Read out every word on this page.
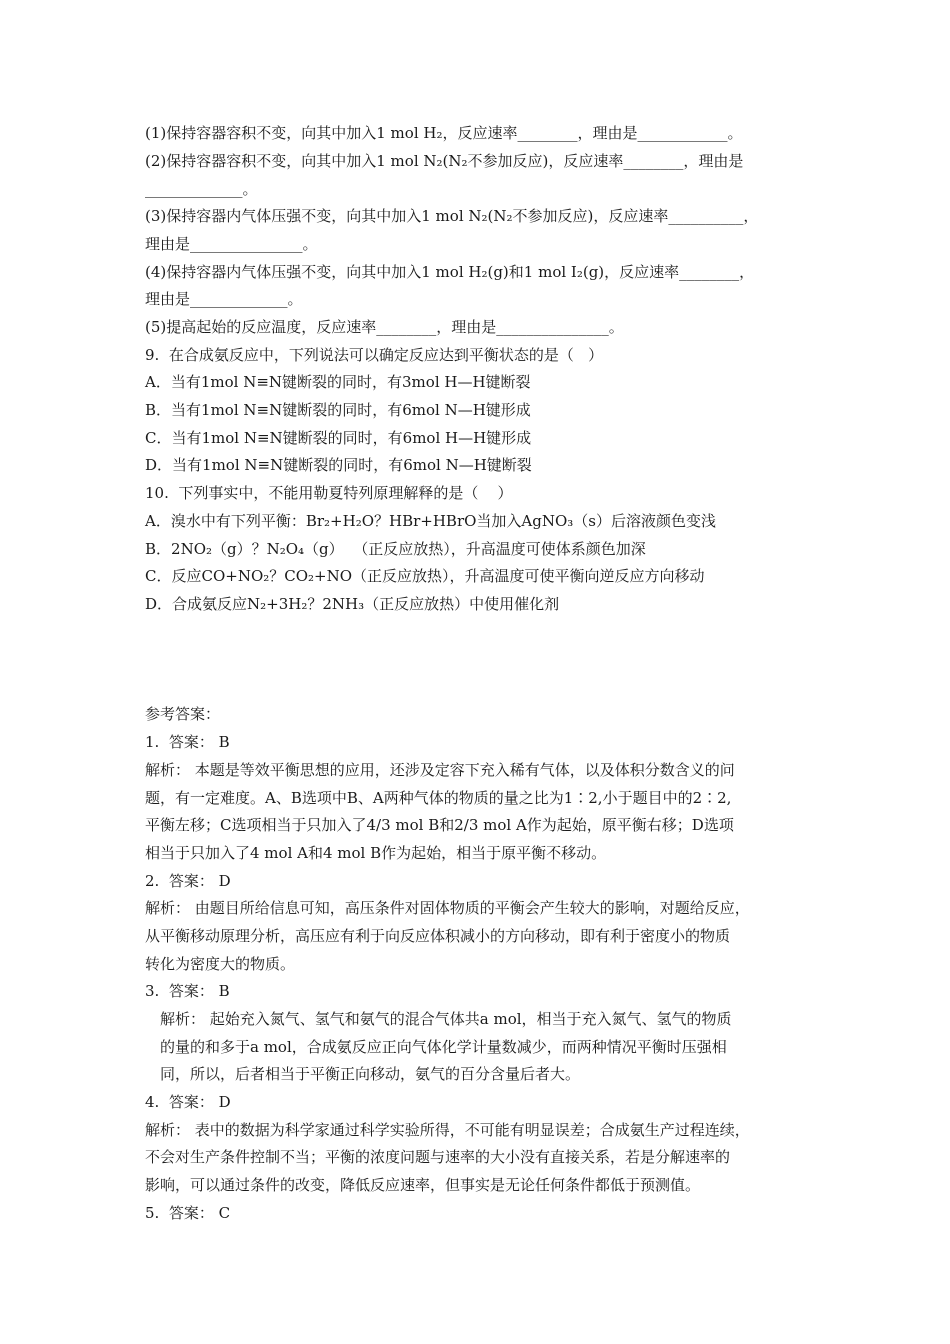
(1)保持容器容积不变，向其中加入1 mol H₂，反应速率________，理由是____________。
(2)保持容器容积不变，向其中加入1 mol N₂(N₂不参加反应)，反应速率________，理由是
_____________。
(3)保持容器内气体压强不变，向其中加入1 mol N₂(N₂不参加反应)，反应速率__________，
理由是_______________。
(4)保持容器内气体压强不变，向其中加入1 mol H₂(g)和1 mol I₂(g)，反应速率________，
理由是_____________。
(5)提高起始的反应温度，反应速率________，理由是_______________。
9.  在合成氨反应中，下列说法可以确定反应达到平衡状态的是（   ）
A．当有1mol N≡N键断裂的同时，有3mol H—H键断裂
B．当有1mol N≡N键断裂的同时，有6mol N—H键形成
C．当有1mol N≡N键断裂的同时，有6mol H—H键形成
D．当有1mol N≡N键断裂的同时，有6mol N—H键断裂
10.  下列事实中，不能用勒夏特列原理解释的是（    ）
A．溴水中有下列平衡：Br₂+H₂O？HBr+HBrO当加入AgNO₃（s）后溶液颜色变浅
B．2NO₂（g）？N₂O₄（g）  （正反应放热），升高温度可使体系颜色加深
C．反应CO+NO₂？CO₂+NO（正反应放热），升高温度可使平衡向逆反应方向移动
D．合成氨反应N₂+3H₂？2NH₃（正反应放热）中使用催化剂
参考答案：
1.  答案： B
解析： 本题是等效平衡思想的应用，还涉及定容下充入稀有气体，以及体积分数含义的问
题，有一定难度。A、B选项中B、A两种气体的物质的量之比为1∶2,小于题目中的2∶2,
平衡左移；C选项相当于只加入了4/3 mol B和2/3 mol A作为起始，原平衡右移；D选项
相当于只加入了4 mol A和4 mol B作为起始，相当于原平衡不移动。
2.  答案： D
解析： 由题目所给信息可知，高压条件对固体物质的平衡会产生较大的影响，对题给反应，
从平衡移动原理分析，高压应有利于向反应体积减小的方向移动，即有利于密度小的物质
转化为密度大的物质。
3.  答案： B
解析： 起始充入氮气、氢气和氨气的混合气体共a mol，相当于充入氮气、氢气的物质
的量的和多于a mol，合成氨反应正向气体化学计量数减少，而两种情况平衡时压强相
同，所以，后者相当于平衡正向移动，氨气的百分含量后者大。
4.  答案： D
解析： 表中的数据为科学家通过科学实验所得，不可能有明显误差；合成氨生产过程连续，
不会对生产条件控制不当；平衡的浓度问题与速率的大小没有直接关系，若是分解速率的
影响，可以通过条件的改变，降低反应速率，但事实是无论任何条件都低于预测值。
5.  答案： C
